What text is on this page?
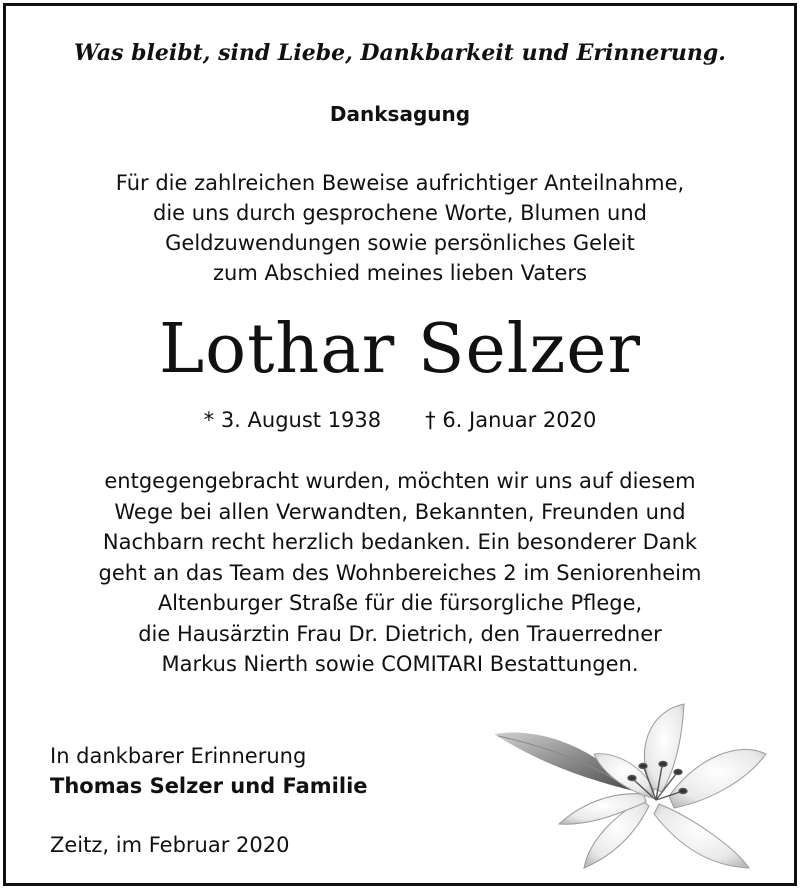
Was bleibt, sind Liebe, Dankbarkeit und Erinnerung.
Danksagung
Für die zahlreichen Beweise aufrichtiger Anteilnahme,
die uns durch gesprochene Worte, Blumen und
Geldzuwendungen sowie persönliches Geleit
zum Abschied meines lieben Vaters
Lothar Selzer
* 3. August 1938 † 6. Januar 2020
entgegengebracht wurden, möchten wir uns auf diesem
Wege bei allen Verwandten, Bekannten, Freunden und
Nachbarn recht herzlich bedanken. Ein besonderer Dank
geht an das Team des Wohnbereiches 2 im Seniorenheim
Altenburger Straße für die fürsorgliche Pflege,
die Hausärztin Frau Dr. Dietrich, den Trauerredner
Markus Nierth sowie COMITARI Bestattungen.
In dankbarer Erinnerung
Thomas Selzer und Familie
Zeitz, im Februar 2020
